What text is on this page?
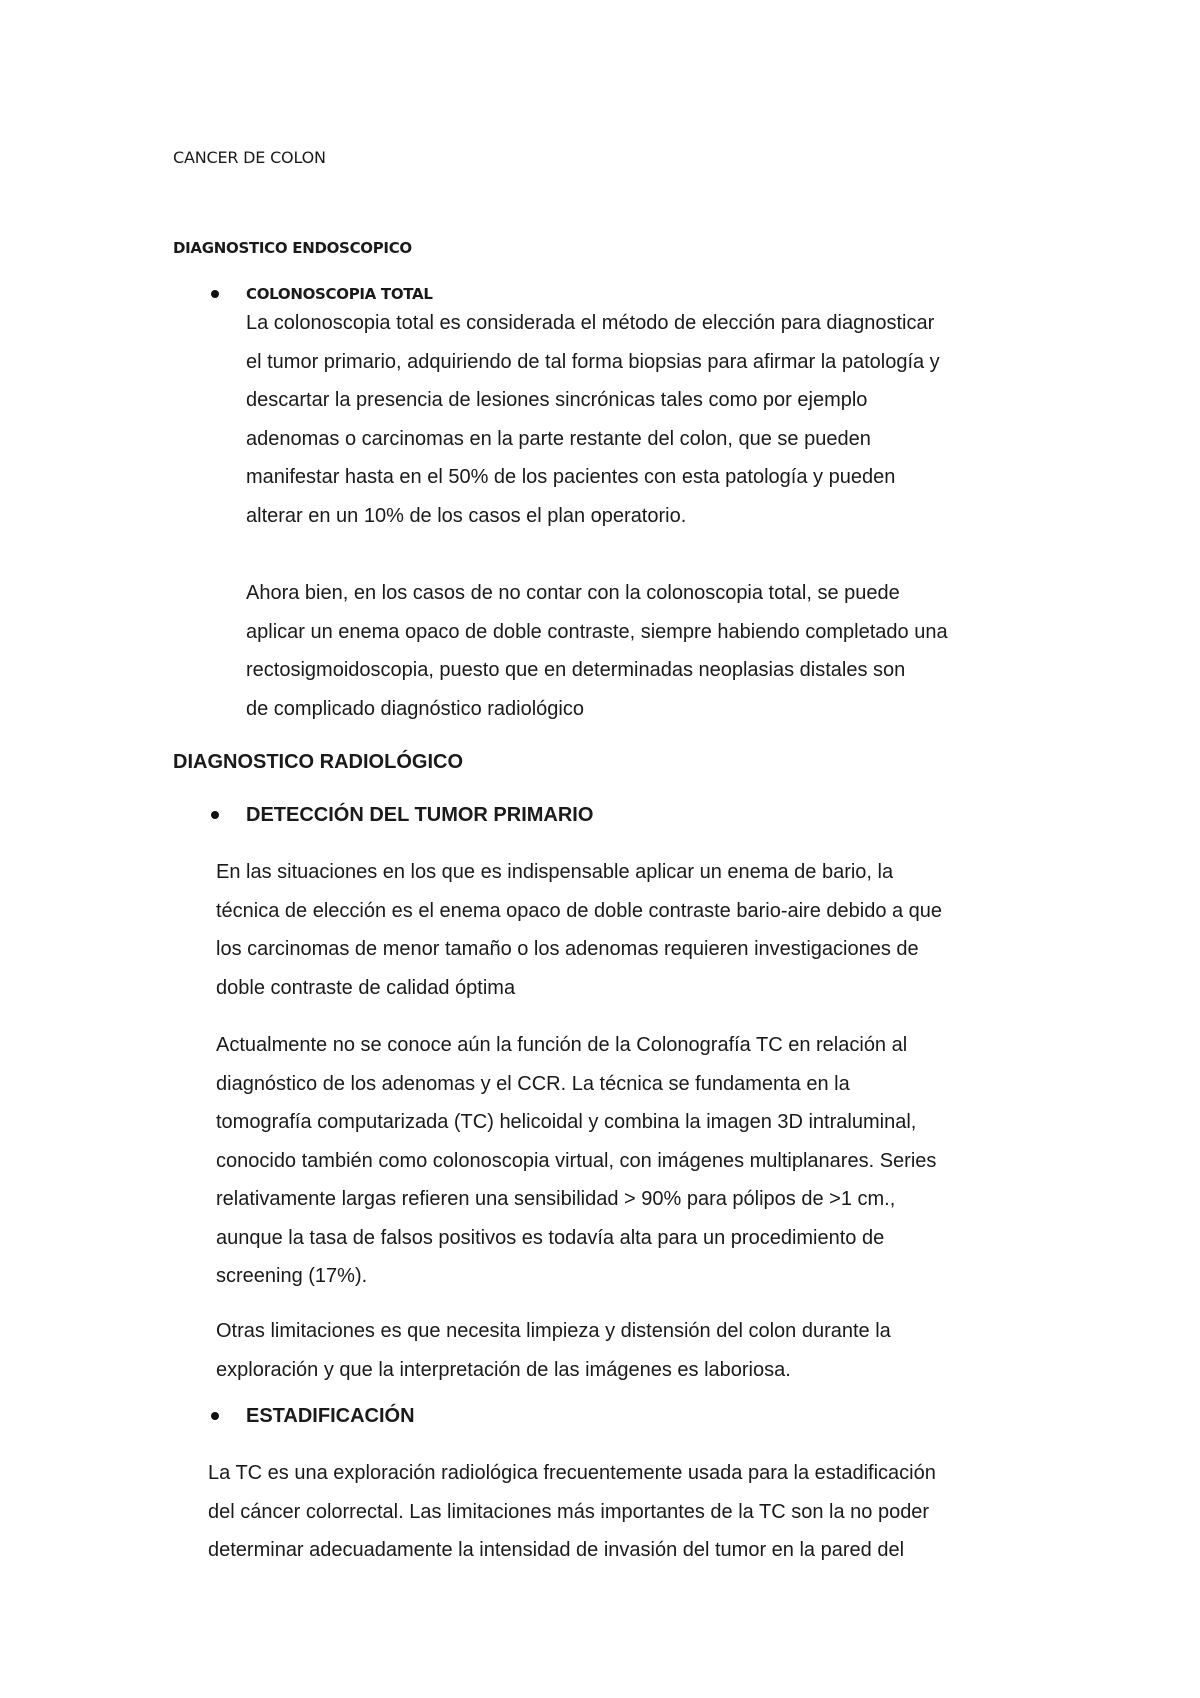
CANCER DE COLON
DIAGNOSTICO ENDOSCOPICO
COLONOSCOPIA TOTAL
La colonoscopia total es considerada el método de elección para diagnosticar
el tumor primario, adquiriendo de tal forma biopsias para afirmar la patología y
descartar la presencia de lesiones sincrónicas tales como por ejemplo
adenomas o carcinomas en la parte restante del colon, que se pueden
manifestar hasta en el 50% de los pacientes con esta patología y pueden
alterar en un 10% de los casos el plan operatorio.
Ahora bien, en los casos de no contar con la colonoscopia total, se puede
aplicar un enema opaco de doble contraste, siempre habiendo completado una
rectosigmoidoscopia, puesto que en determinadas neoplasias distales son
de complicado diagnóstico radiológico
DIAGNOSTICO RADIOLÓGICO
DETECCIÓN DEL TUMOR PRIMARIO
En las situaciones en los que es indispensable aplicar un enema de bario, la
técnica de elección es el enema opaco de doble contraste bario-aire debido a que
los carcinomas de menor tamaño o los adenomas requieren investigaciones de
doble contraste de calidad óptima
Actualmente no se conoce aún la función de la Colonografía TC en relación al
diagnóstico de los adenomas y el CCR. La técnica se fundamenta en la
tomografía computarizada (TC) helicoidal y combina la imagen 3D intraluminal,
conocido también como colonoscopia virtual, con imágenes multiplanares. Series
relativamente largas refieren una sensibilidad > 90% para pólipos de >1 cm.,
aunque la tasa de falsos positivos es todavía alta para un procedimiento de
screening (17%).
Otras limitaciones es que necesita limpieza y distensión del colon durante la
exploración y que la interpretación de las imágenes es laboriosa.
ESTADIFICACIÓN
La TC es una exploración radiológica frecuentemente usada para la estadificación
del cáncer colorrectal. Las limitaciones más importantes de la TC son la no poder
determinar adecuadamente la intensidad de invasión del tumor en la pared del
